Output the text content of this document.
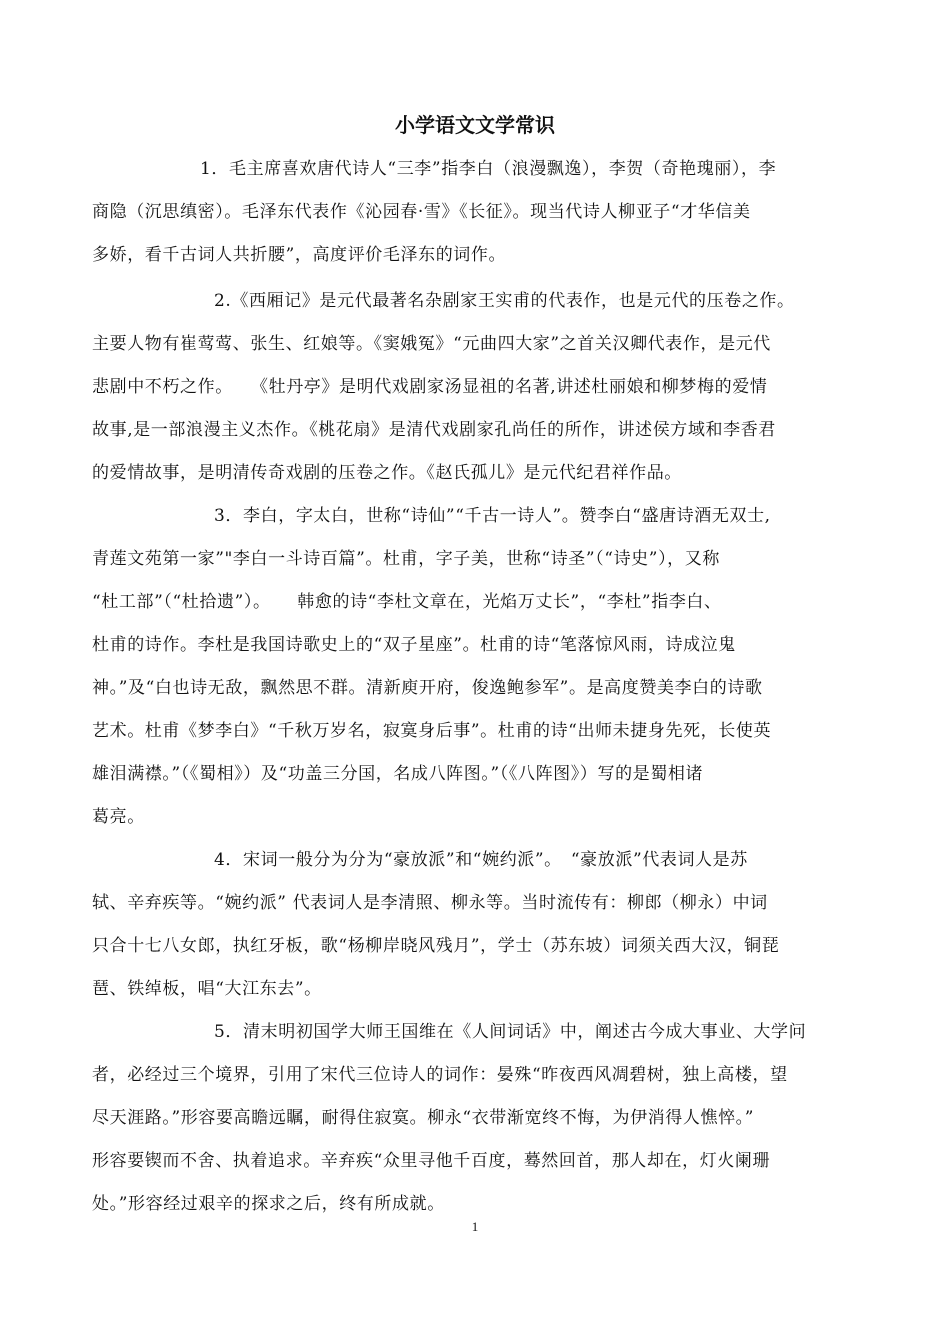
小学语文文学常识
1．毛主席喜欢唐代诗人“三李”指李白（浪漫飘逸），李贺（奇艳瑰丽），李
商隐（沉思缜密）。毛泽东代表作《沁园春·雪》《长征》。现当代诗人柳亚子“才华信美
多娇，看千古词人共折腰”，高度评价毛泽东的词作。
2.《西厢记》是元代最著名杂剧家王实甫的代表作，也是元代的压卷之作。
主要人物有崔莺莺、张生、红娘等。《窦娥冤》“元曲四大家”之首关汉卿代表作，是元代
悲剧中不朽之作。　　《牡丹亭》是明代戏剧家汤显祖的名著,讲述杜丽娘和柳梦梅的爱情
故事,是一部浪漫主义杰作。《桃花扇》是清代戏剧家孔尚任的所作，讲述侯方域和李香君
的爱情故事，是明清传奇戏剧的压卷之作。《赵氏孤儿》是元代纪君祥作品。
3．李白，字太白，世称“诗仙”“千古一诗人”。赞李白“盛唐诗酒无双士,
青莲文苑第一家”"李白一斗诗百篇”。杜甫，字子美，世称“诗圣”（“诗史”），又称
“杜工部”（“杜拾遗”）。　　韩愈的诗“李杜文章在，光焰万丈长”，“李杜”指李白、
杜甫的诗作。李杜是我国诗歌史上的“双子星座”。杜甫的诗“笔落惊风雨，诗成泣鬼
神。”及“白也诗无敌，飘然思不群。清新庾开府，俊逸鲍参军”。是高度赞美李白的诗歌
艺术。杜甫《梦李白》“千秋万岁名，寂寞身后事”。杜甫的诗“出师未捷身先死，长使英
雄泪满襟。”（《蜀相》）及“功盖三分国，名成八阵图。”（《八阵图》）写的是蜀相诸
葛亮。
4．宋词一般分为分为“豪放派”和“婉约派”。　“豪放派”代表词人是苏
轼、辛弃疾等。“婉约派” 代表词人是李清照、柳永等。当时流传有：柳郎（柳永）中词
只合十七八女郎，执红牙板，歌“杨柳岸晓风残月”，学士（苏东坡）词须关西大汉，铜琵
琶、铁绰板，唱“大江东去”。
5．清末明初国学大师王国维在《人间词话》中，阐述古今成大事业、大学问
者，必经过三个境界，引用了宋代三位诗人的词作：晏殊“昨夜西风凋碧树，独上高楼，望
尽天涯路。”形容要高瞻远瞩，耐得住寂寞。柳永“衣带渐宽终不悔，为伊消得人憔悴。”
形容要锲而不舍、执着追求。辛弃疾“众里寻他千百度，蓦然回首，那人却在，灯火阑珊
处。”形容经过艰辛的探求之后，终有所成就。
1
